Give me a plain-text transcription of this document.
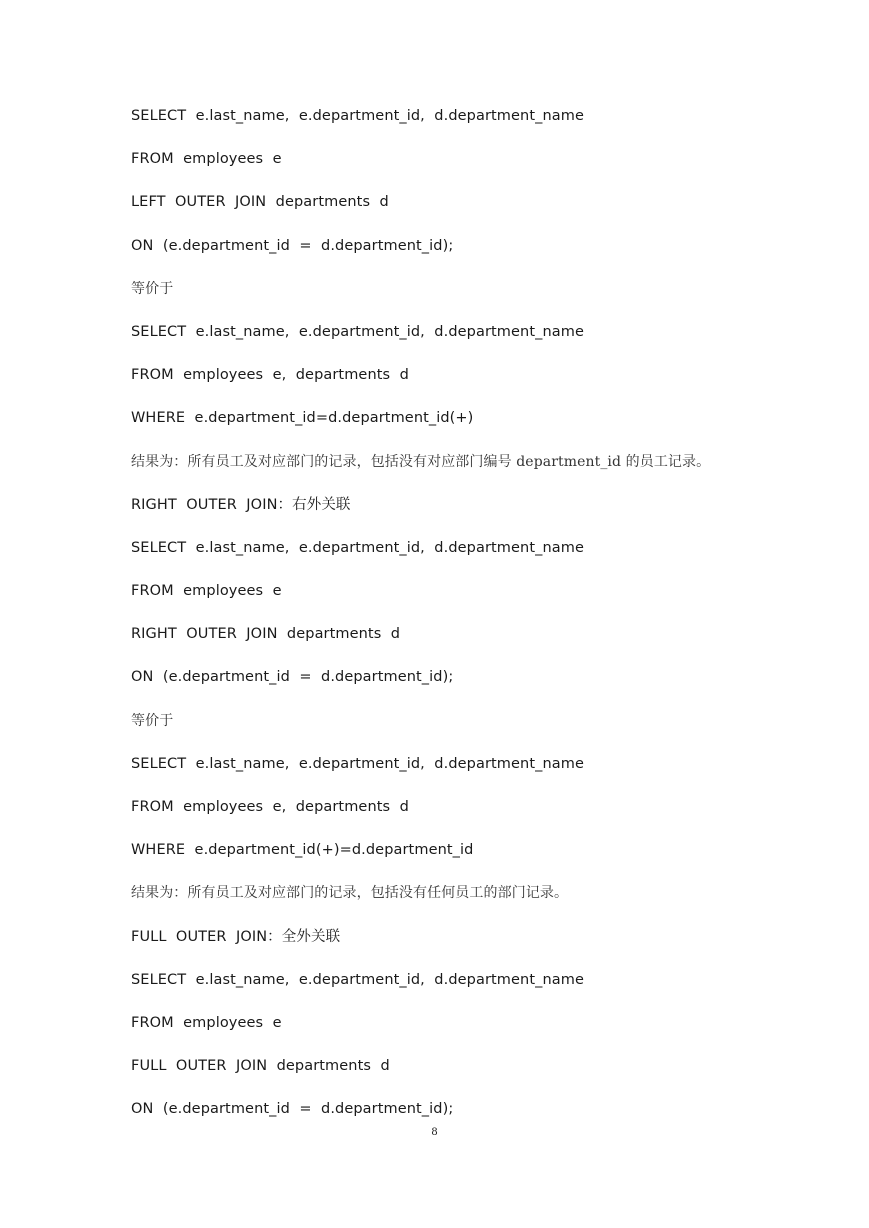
SELECT  e.last_name,  e.department_id,  d.department_name
FROM  employees  e
LEFT  OUTER  JOIN  departments  d
ON  (e.department_id  =  d.department_id);
等价于
SELECT  e.last_name,  e.department_id,  d.department_name
FROM  employees  e,  departments  d
WHERE  e.department_id=d.department_id(+)
结果为：所有员工及对应部门的记录，包括没有对应部门编号 department_id 的员工记录。
RIGHT  OUTER  JOIN：右外关联
SELECT  e.last_name,  e.department_id,  d.department_name
FROM  employees  e
RIGHT  OUTER  JOIN  departments  d
ON  (e.department_id  =  d.department_id);
等价于
SELECT  e.last_name,  e.department_id,  d.department_name
FROM  employees  e,  departments  d
WHERE  e.department_id(+)=d.department_id
结果为：所有员工及对应部门的记录，包括没有任何员工的部门记录。
FULL  OUTER  JOIN：全外关联
SELECT  e.last_name,  e.department_id,  d.department_name
FROM  employees  e
FULL  OUTER  JOIN  departments  d
ON  (e.department_id  =  d.department_id);
8
